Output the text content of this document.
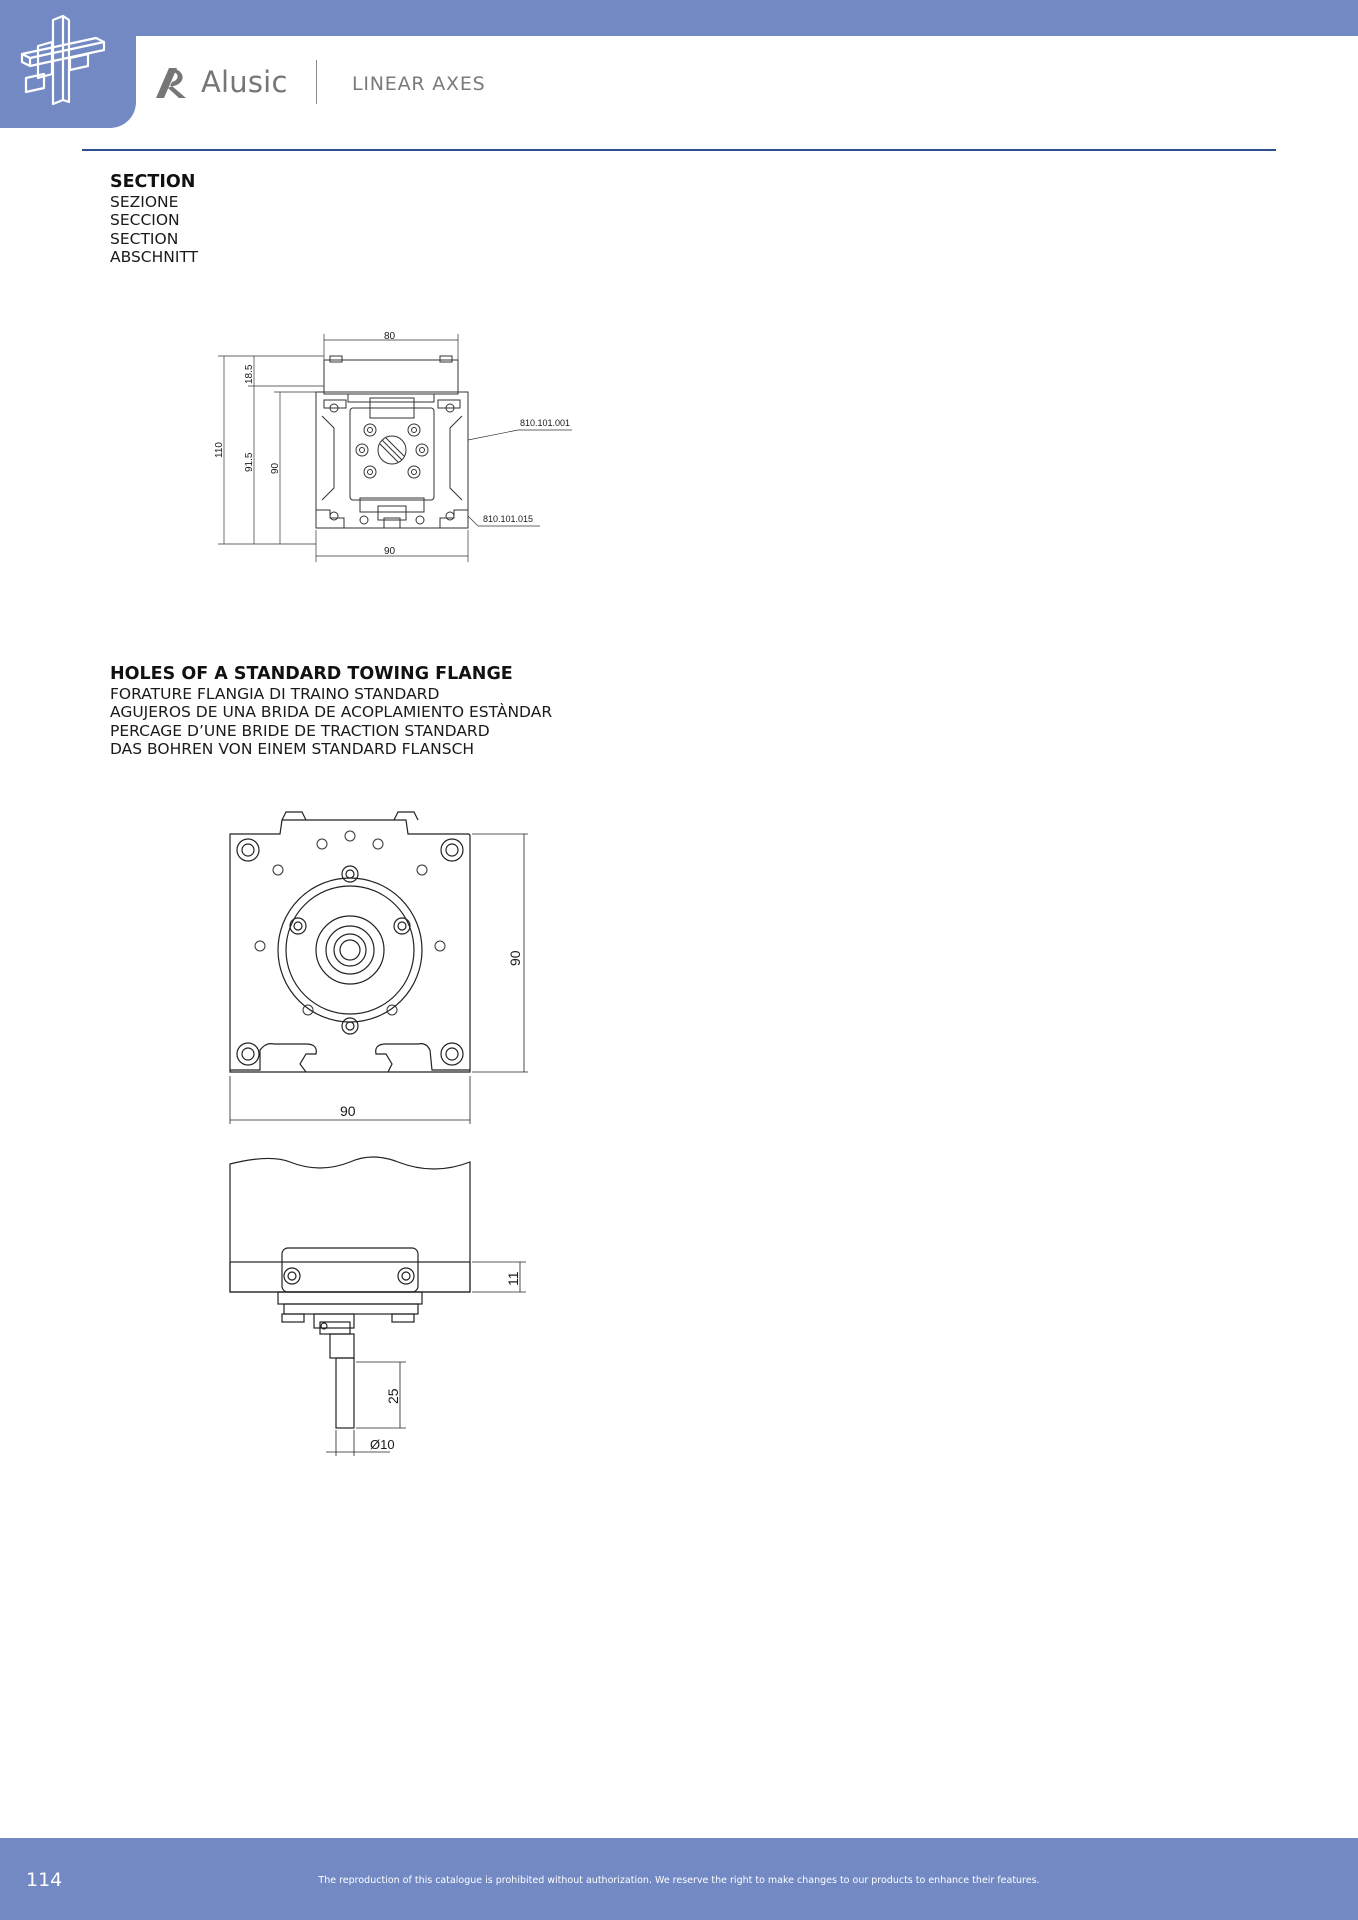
Alusic	LINEAR AXES
SECTION
SEZIONE
SECCION
SECTION
ABSCHNITT
80
90
110
91.5 90
18.5
810.101.001
810.101.015
HOLES OF A STANDARD TOWING FLANGE
FORATURE FLANGIA DI TRAINO STANDARD
AGUJEROS DE UNA BRIDA DE ACOPLAMIENTO ESTÀNDAR
PERCAGE D’UNE BRIDE DE TRACTION STANDARD
DAS BOHREN VON EINEM STANDARD FLANSCH
90
90
11
25
Ø10
114	The reproduction of this catalogue is prohibited without authorization. We reserve the right to make changes to our products to enhance their features.
